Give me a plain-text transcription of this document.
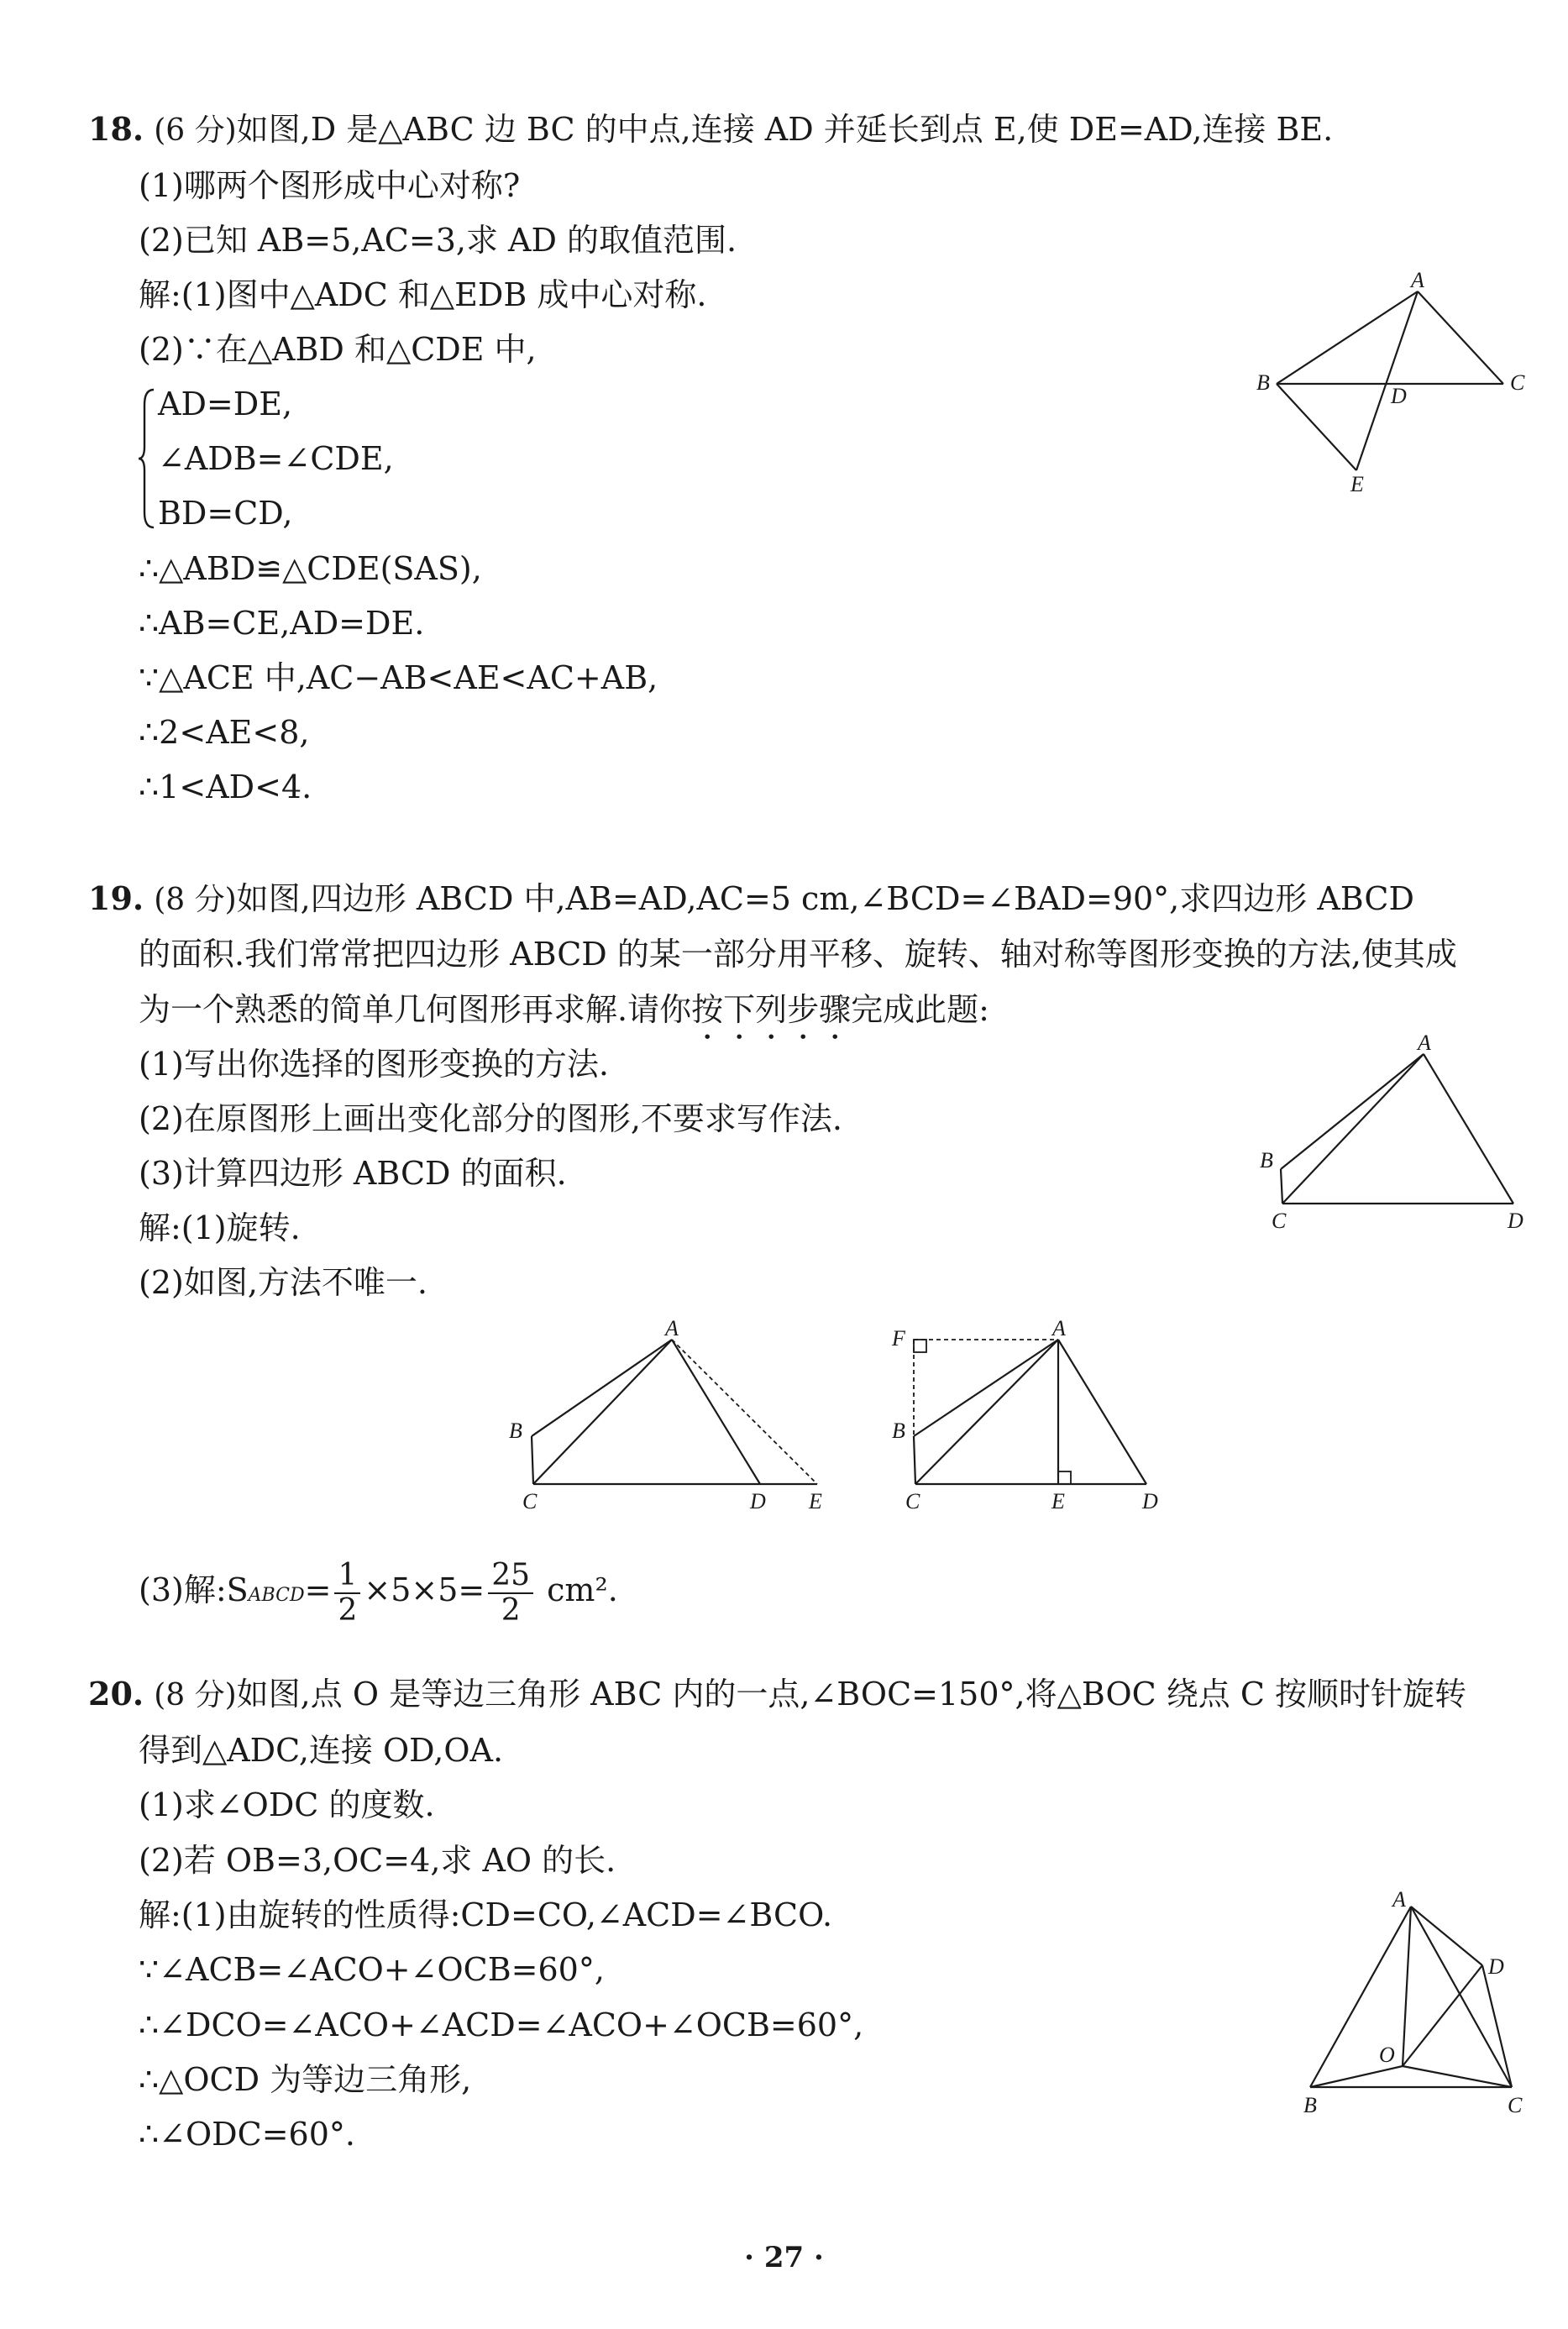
18. (6 分)如图,D 是△ABC 边 BC 的中点,连接 AD 并延长到点 E,使 DE=AD,连接 BE.
(1)哪两个图形成中心对称?
(2)已知 AB=5,AC=3,求 AD 的取值范围.
解:(1)图中△ADC 和△EDB 成中心对称.
(2)∵在△ABD 和△CDE 中,
AD=DE,
∠ADB=∠CDE,
BD=CD,
∴△ABD≌△CDE(SAS),
∴AB=CE,AD=DE.
∵△ACE 中,AC−AB<AE<AC+AB,
∴2<AE<8,
∴1<AD<4.
A
B	C
D
E
19. (8 分)如图,四边形 ABCD 中,AB=AD,AC=5 cm,∠BCD=∠BAD=90°,求四边形 ABCD
的面积.我们常常把四边形 ABCD 的某一部分用平移、旋转、轴对称等图形变换的方法,使其成
为一个熟悉的简单几何图形再求解.请你按下列步骤完成此题:
(1)写出你选择的图形变换的方法.
(2)在原图形上画出变化部分的图形,不要求写作法.
(3)计算四边形 ABCD 的面积.
解:(1)旋转.
(2)如图,方法不唯一.
A
B
C	D
A
B
C	D E
A
F
B
C	E	D
(3)解:SABCD= $\frac{1}{2} \times 5\times 5= \frac{25}{2} cm^2$.
20. (8 分)如图,点 O 是等边三角形 ABC 内的一点,∠BOC=150°,将△BOC 绕点 C 按顺时针旋转
得到△ADC,连接 OD,OA.
(1)求∠ODC 的度数.
(2)若 OB=3,OC=4,求 AO 的长.
解:(1)由旋转的性质得:CD=CO,∠ACD=∠BCO.
∵∠ACB=∠ACO+∠OCB=60°,
∴∠DCO=∠ACO+∠ACD=∠ACO+∠OCB=60°,
∴△OCD 为等边三角形,
∴∠ODC=60°.
A
D
O
B	C
· 27 ·
